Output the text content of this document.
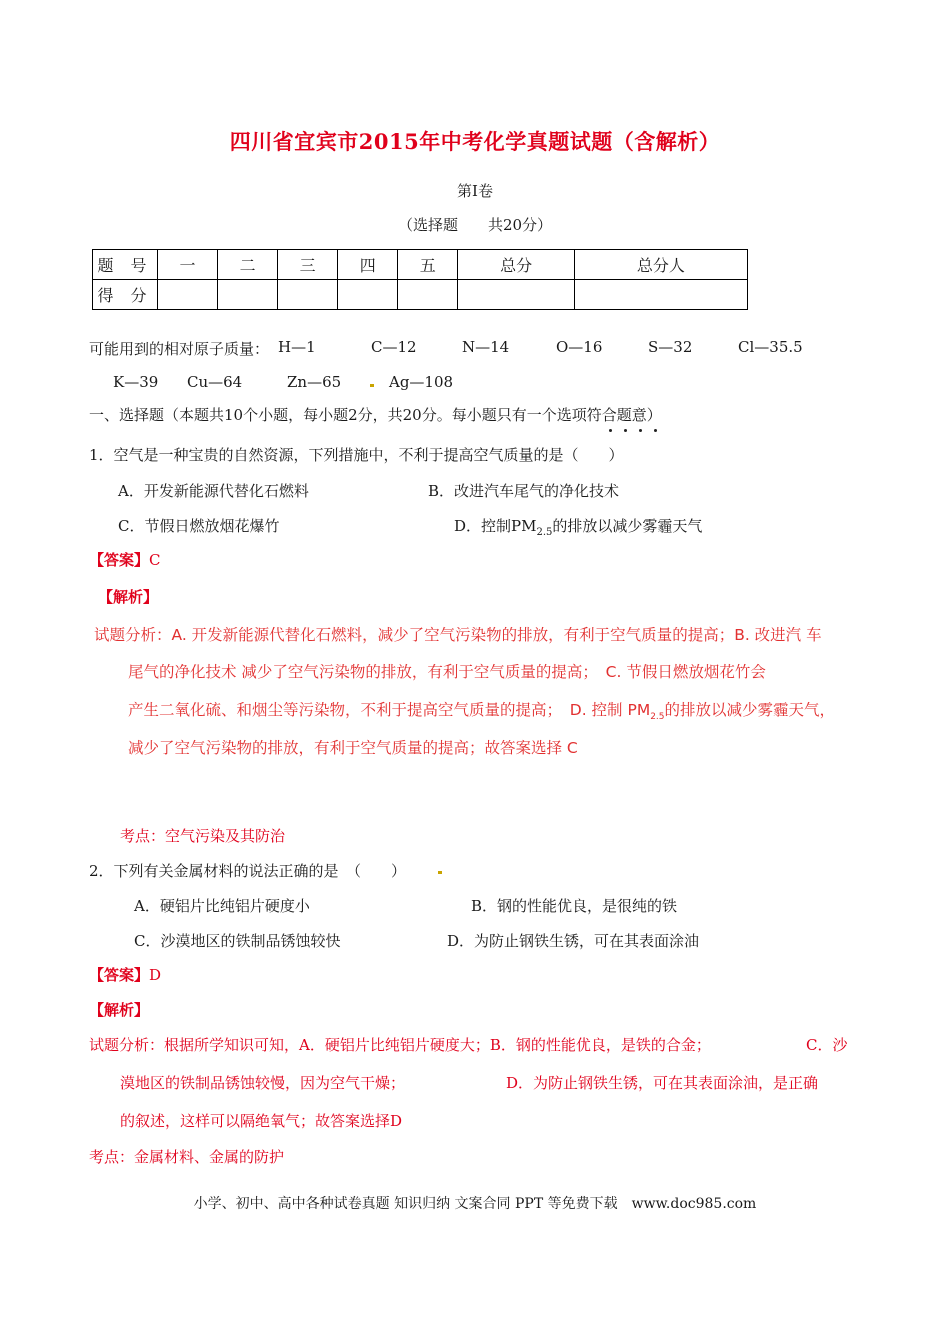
四川省宜宾市2015年中考化学真题试题（含解析）
第Ⅰ卷
（选择题　　共20分）
题 号	一	二	三	四	五	总分	总分人
得 分							
可能用到的相对原子质量： H—1	C—12	N—14	O—16	S—32	Cl—35.5
K—39 Cu—64	Zn—65	Ag—108
一、选择题（本题共10个小题，每小题2分，共20分。每小题只有一个选项符合题意）
1．空气是一种宝贵的自然资源，下列措施中，不利于提高空气质量的是（　　）
A．开发新能源代替化石燃料	B．改进汽车尾气的净化技术
C．节假日燃放烟花爆竹	D．控制$PM_{2.5}$的排放以减少雾霾天气
【答案】C
【解析】
试题分析：A. 开发新能源代替化石燃料，减少了空气污染物的排放，有利于空气质量的提高；B. 改进汽 车
尾气的净化技术 减少了空气污染物的排放，有利于空气质量的提高；　C. 节假日燃放烟花竹会
产生二氧化硫、和烟尘等污染物，不利于提高空气质量的提高；　D. 控制 $PM_{2.5}$的排放以减少雾霾天气，
减少了空气污染物的排放，有利于空气质量的提高；故答案选择 C
考点：空气污染及其防治
2．下列有关金属材料的说法正确的是　（　　）
A．硬铝片比纯铝片硬度小	B．钢的性能优良，是很纯的铁
C．沙漠地区的铁制品锈蚀较快	D．为防止钢铁生锈，可在其表面涂油
【答案】D
【解析】
试题分析：根据所学知识可知，A．硬铝片比纯铝片硬度大；B．钢的性能优良，是铁的合金；	C．沙
漠地区的铁制品锈蚀较慢，因为空气干燥；	D．为防止钢铁生锈，可在其表面涂油，是正确
的叙述，这样可以隔绝氧气；故答案选择D
考点：金属材料、金属的防护
小学、初中、高中各种试卷真题 知识归纳 文案合同 PPT 等免费下载　www.doc985.com
